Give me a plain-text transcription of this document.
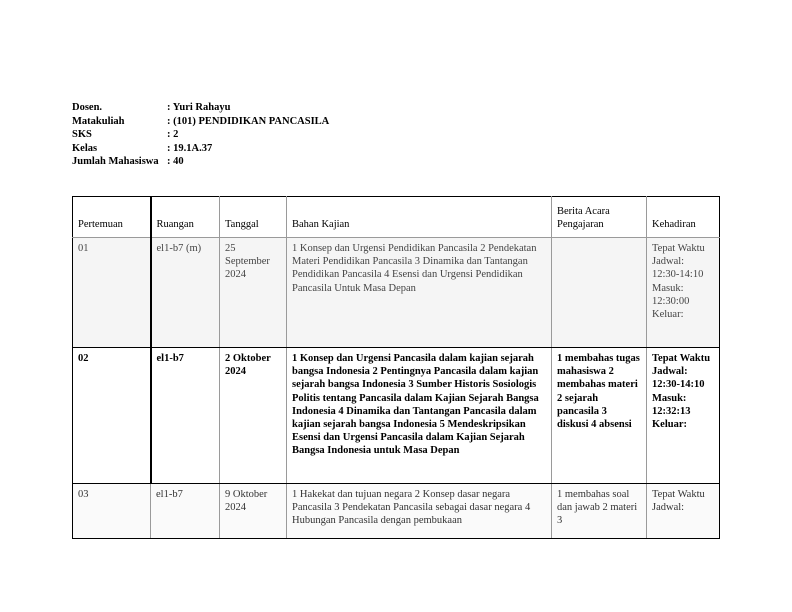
Dosen.	: Yuri Rahayu
Matakuliah	: (101) PENDIDIKAN PANCASILA
SKS	: 2
Kelas	: 19.1A.37
Jumlah Mahasiswa : 40
Pertemuan	Ruangan	Tanggal	Bahan Kajian	Berita Acara Pengajaran	Kehadiran
01	el1-b7 (m)	25 September 2024	1 Konsep dan Urgensi Pendidikan Pancasila 2 Pendekatan Materi Pendidikan Pancasila 3 Dinamika dan Tantangan Pendidikan Pancasila 4 Esensi dan Urgensi Pendidikan Pancasila Untuk Masa Depan		Tepat Waktu Jadwal: 12:30-14:10 Masuk: 12:30:00 Keluar:
02	el1-b7	2 Oktober 2024	1 Konsep dan Urgensi Pancasila dalam kajian sejarah bangsa Indonesia 2 Pentingnya Pancasila dalam kajian sejarah bangsa Indonesia 3 Sumber Historis Sosiologis Politis tentang Pancasila dalam Kajian Sejarah Bangsa Indonesia 4 Dinamika dan Tantangan Pancasila dalam kajian sejarah bangsa Indonesia 5 Mendeskripsikan Esensi dan Urgensi Pancasila dalam Kajian Sejarah Bangsa Indonesia untuk Masa Depan	1 membahas tugas mahasiswa 2 membahas materi 2 sejarah pancasila 3 diskusi 4 absensi	Tepat Waktu Jadwal: 12:30-14:10 Masuk: 12:32:13 Keluar:
03	el1-b7	9 Oktober 2024	1 Hakekat dan tujuan negara 2 Konsep dasar negara Pancasila 3 Pendekatan Pancasila sebagai dasar negara 4 Hubungan Pancasila dengan pembukaan	1 membahas soal dan jawab 2 materi 3	Tepat Waktu Jadwal:
